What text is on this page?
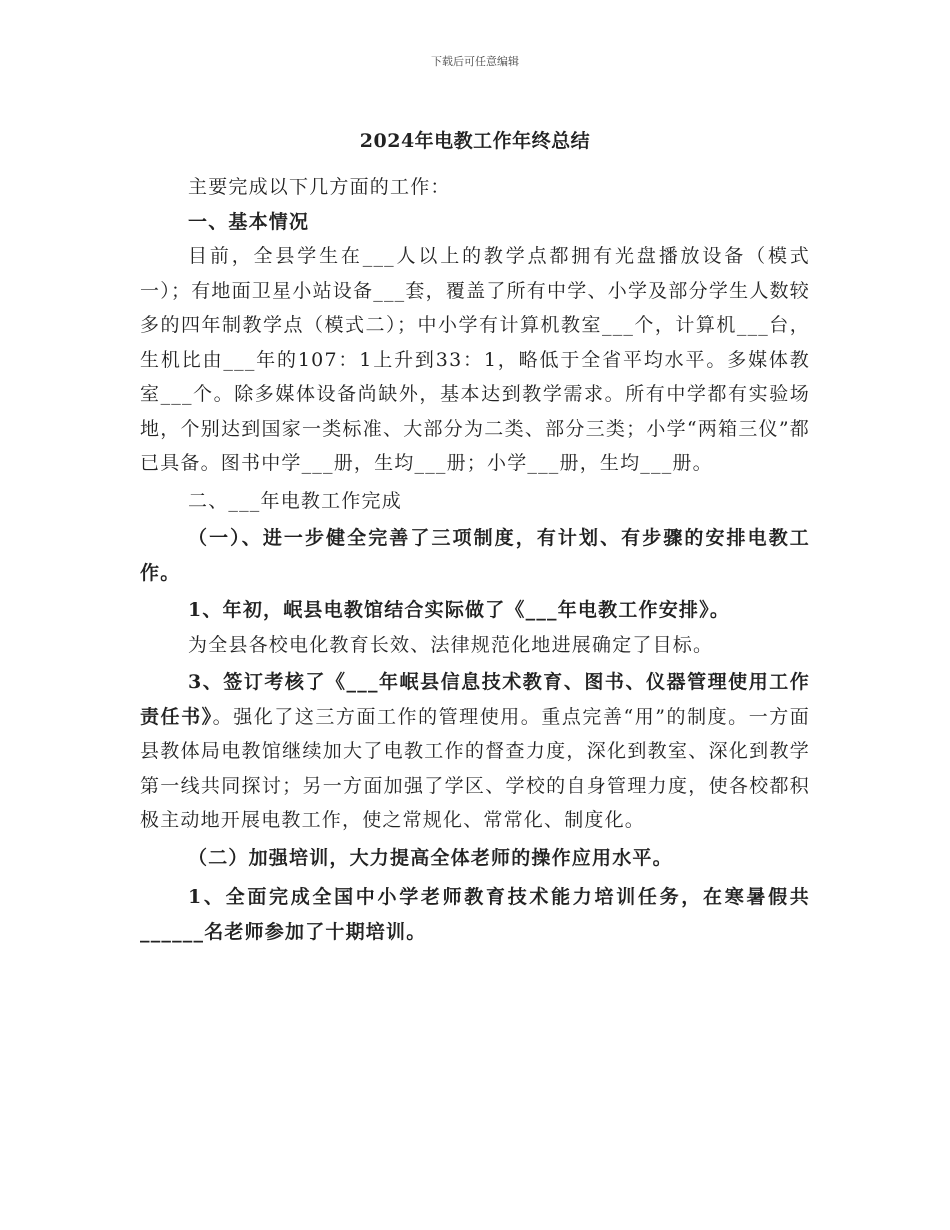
下载后可任意编辑
2024年电教工作年终总结

主要完成以下几方面的工作：

一、基本情况

目前，全县学生在___人以上的教学点都拥有光盘播放设备（模式一）；有地面卫星小站设备___套，覆盖了所有中学、小学及部分学生人数较多的四年制教学点（模式二）；中小学有计算机教室___个，计算机___台，生机比由___年的107：1上升到33：1，略低于全省平均水平。多媒体教室___个。除多媒体设备尚缺外，基本达到教学需求。所有中学都有实验场地，个别达到国家一类标准、大部分为二类、部分三类；小学“两箱三仪”都已具备。图书中学___册，生均___册；小学___册，生均___册。

二、___年电教工作完成

（一）、进一步健全完善了三项制度，有计划、有步骤的安排电教工作。

1、年初，岷县电教馆结合实际做了《___年电教工作安排》。

为全县各校电化教育长效、法律规范化地进展确定了目标。

3、签订考核了《___年岷县信息技术教育、图书、仪器管理使用工作责任书》。强化了这三方面工作的管理使用。重点完善“用”的制度。一方面县教体局电教馆继续加大了电教工作的督查力度，深化到教室、深化到教学第一线共同探讨；另一方面加强了学区、学校的自身管理力度，使各校都积极主动地开展电教工作，使之常规化、常常化、制度化。

（二）加强培训，大力提高全体老师的操作应用水平。

1、全面完成全国中小学老师教育技术能力培训任务，在寒暑假共______名老师参加了十期培训。
